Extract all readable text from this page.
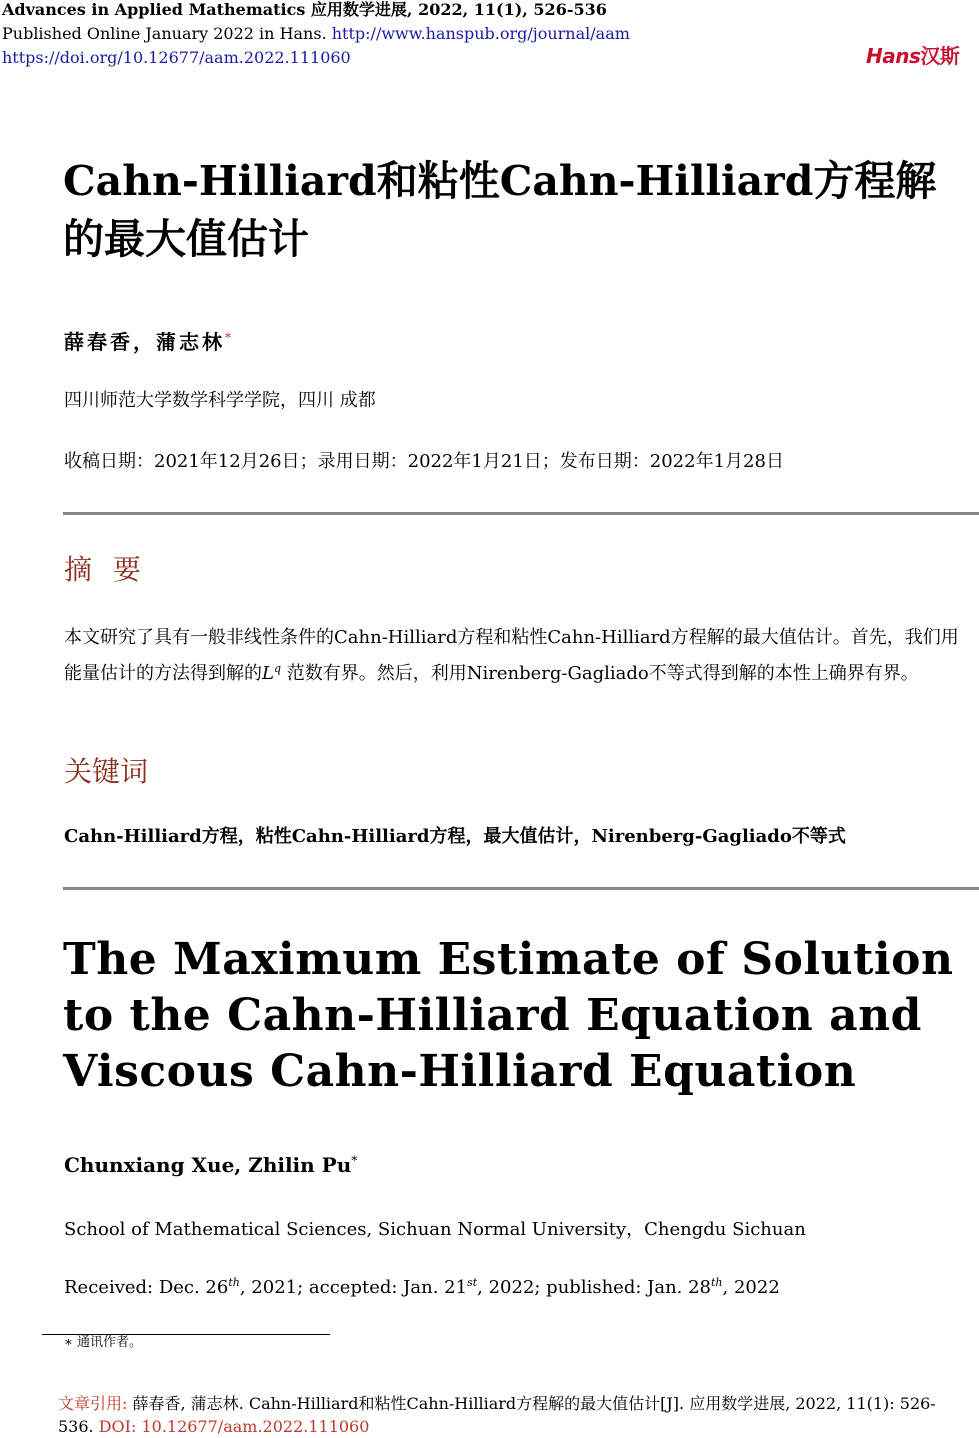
Advances in Applied Mathematics 应用数学进展, 2022, 11(1), 526-536
Published Online January 2022 in Hans. http://www.hanspub.org/journal/aam
https://doi.org/10.12677/aam.2022.111060	Hans汉斯
Cahn-Hilliard和粘性Cahn-Hilliard方程解的最大值估计
薛春香，蒲志林*
四川师范大学数学科学学院，四川 成都
收稿日期：2021年12月26日；录用日期：2022年1月21日；发布日期：2022年1月28日
摘 要
本文研究了具有一般非线性条件的Cahn-Hilliard方程和粘性Cahn-Hilliard方程解的最大值估计。首先，我们用能量估计的方法得到解的$L^q$ 范数有界。然后，利用Nirenberg-Gagliado不等式得到解的本性上确界有界。
关键词
Cahn-Hilliard方程，粘性Cahn-Hilliard方程，最大值估计，Nirenberg-Gagliado不等式
The Maximum Estimate of Solution to the Cahn-Hilliard Equation and Viscous Cahn-Hilliard Equation
Chunxiang Xue, Zhilin Pu*
School of Mathematical Sciences, Sichuan Normal University，Chengdu Sichuan
Received: Dec. 26th, 2021; accepted: Jan. 21st, 2022; published: Jan. 28th, 2022
∗ 通讯作者。
文章引用: 薛春香, 蒲志林. Cahn-Hilliard和粘性Cahn-Hilliard方程解的最大值估计[J]. 应用数学进展, 2022, 11(1): 526-536. DOI: 10.12677/aam.2022.111060
